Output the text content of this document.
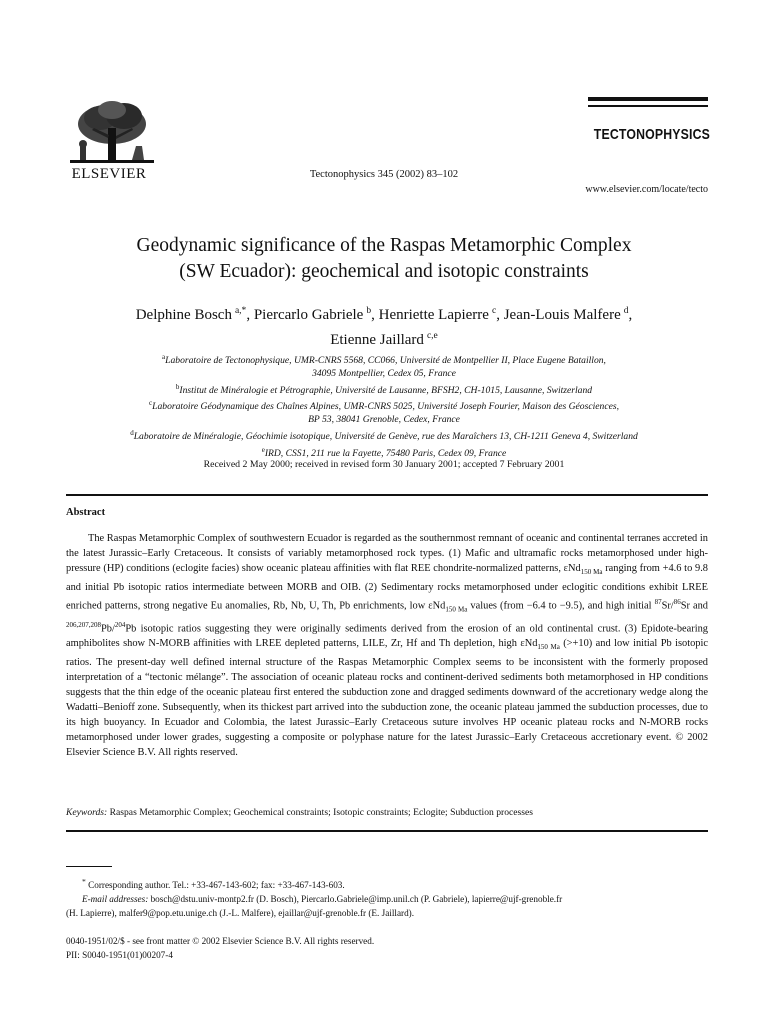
ELSEVIER	Tectonophysics 345 (2002) 83–102
TECTONOPHYSICS
www.elsevier.com/locate/tecto
Geodynamic significance of the Raspas Metamorphic Complex
(SW Ecuador): geochemical and isotopic constraints
Delphine Bosch  $^{a,*}$, Piercarlo Gabriele  $^b$, Henriette Lapierre  $^c$, Jean-Louis Malfere  $^d$,
Etienne Jaillard  $^{c,e}$
$^a$Laboratoire de Tectonophysique, UMR-CNRS 5568, CC066, Université de Montpellier II, Place Eugene Bataillon,
34095 Montpellier, Cedex 05, France
$^b$Institut de Minéralogie et Pétrographie, Université de Lausanne, BFSH2, CH-1015, Lausanne, Switzerland
$^c$Laboratoire Géodynamique des Chaînes Alpines, UMR-CNRS 5025, Université Joseph Fourier, Maison des Géosciences,
BP 53, 38041 Grenoble, Cedex, France
$^d$Laboratoire de Minéralogie, Géochimie isotopique, Université de Genève, rue des Maraîchers 13, CH-1211 Geneva 4, Switzerland
$^e$IRD, CSS1, 211 rue la Fayette, 75480 Paris, Cedex 09, France
Received 2 May 2000; received in revised form 30 January 2001; accepted 7 February 2001
Abstract
The Raspas Metamorphic Complex of southwestern Ecuador is regarded as the southernmost remnant of oceanic and continental terranes accreted in the latest Jurassic–Early Cretaceous. It consists of variably metamorphosed rock types. (1) Mafic and ultramafic rocks metamorphosed under high-pressure (HP) conditions (eclogite facies) show oceanic plateau affinities with flat REE chondrite-normalized patterns, εNd$_{150 Ma}$ ranging from +4.6 to 9.8 and initial Pb isotopic ratios intermediate between MORB and OIB. (2) Sedimentary rocks metamorphosed under eclogitic conditions exhibit LREE enriched patterns, strong negative Eu anomalies, Rb, Nb, U, Th, Pb enrichments, low εNd$_{150 Ma}$ values (from −6.4 to −9.5), and high initial $^{87}$Sr/$^{86}$Sr and $^{206,207,208}$Pb/$^{204}$Pb isotopic ratios suggesting they were originally sediments derived from the erosion of an old continental crust. (3) Epidote-bearing amphibolites show N-MORB affinities with LREE depleted patterns, LILE, Zr, Hf and Th depletion, high εNd$_{150 Ma}$ (>+10) and low initial Pb isotopic ratios. The present-day well defined internal structure of the Raspas Metamorphic Complex seems to be inconsistent with the formerly proposed interpretation of a “tectonic mélange”. The association of oceanic plateau rocks and continent-derived sediments both metamorphosed in HP conditions suggests that the thin edge of the oceanic plateau first entered the subduction zone and dragged sediments downward of the accretionary wedge along the Wadatti–Benioff zone. Subsequently, when its thickest part arrived into the subduction zone, the oceanic plateau jammed the subduction processes, due to its high buoyancy. In Ecuador and Colombia, the latest Jurassic–Early Cretaceous suture involves HP oceanic plateau rocks and N-MORB rocks metamorphosed under lower grades, suggesting a composite or polyphase nature for the latest Jurassic–Early Cretaceous accretionary event. © 2002 Elsevier Science B.V. All rights reserved.
Keywords: Raspas Metamorphic Complex; Geochemical constraints; Isotopic constraints; Eclogite; Subduction processes
* Corresponding author. Tel.: +33-467-143-602; fax: +33-467-143-603.
E-mail addresses: bosch@dstu.univ-montp2.fr (D. Bosch), Piercarlo.Gabriele@imp.unil.ch (P. Gabriele), lapierre@ujf-grenoble.fr
(H. Lapierre), malfer9@pop.etu.unige.ch (J.-L. Malfere), ejaillar@ujf-grenoble.fr (E. Jaillard).
0040-1951/02/$ - see front matter © 2002 Elsevier Science B.V. All rights reserved.
PII: S0040-1951(01)00207-4
